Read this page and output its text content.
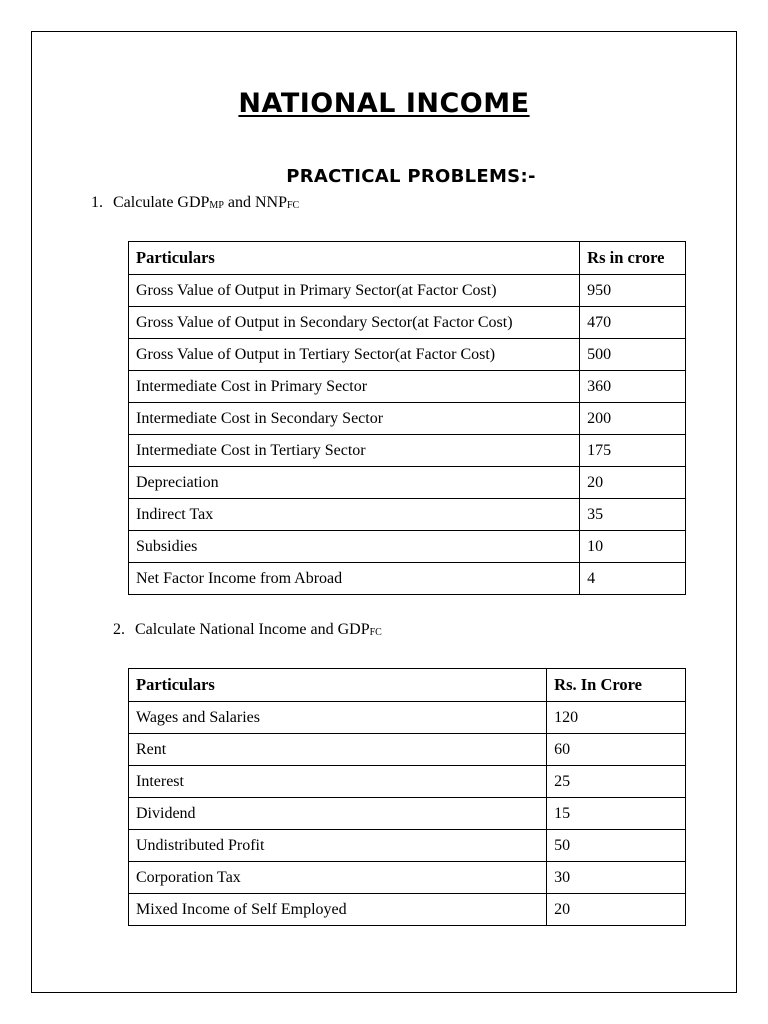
NATIONAL INCOME
PRACTICAL PROBLEMS:-
1. Calculate $GDP_{MP}$ and $NNP_{FC}$
Particulars	Rs in crore
Gross Value of Output in Primary Sector(at Factor Cost)	950
Gross Value of Output in Secondary Sector(at Factor Cost)	470
Gross Value of Output in Tertiary Sector(at Factor Cost)	500
Intermediate Cost in Primary Sector	360
Intermediate Cost in Secondary Sector	200
Intermediate Cost in Tertiary Sector	175
Depreciation	20
Indirect Tax	35
Subsidies	10
Net Factor Income from Abroad	4
2. Calculate National Income and $GDP_{FC}$
Particulars	Rs. In Crore
Wages and Salaries	120
Rent	60
Interest	25
Dividend	15
Undistributed Profit	50
Corporation Tax	30
Mixed Income of Self Employed	20
